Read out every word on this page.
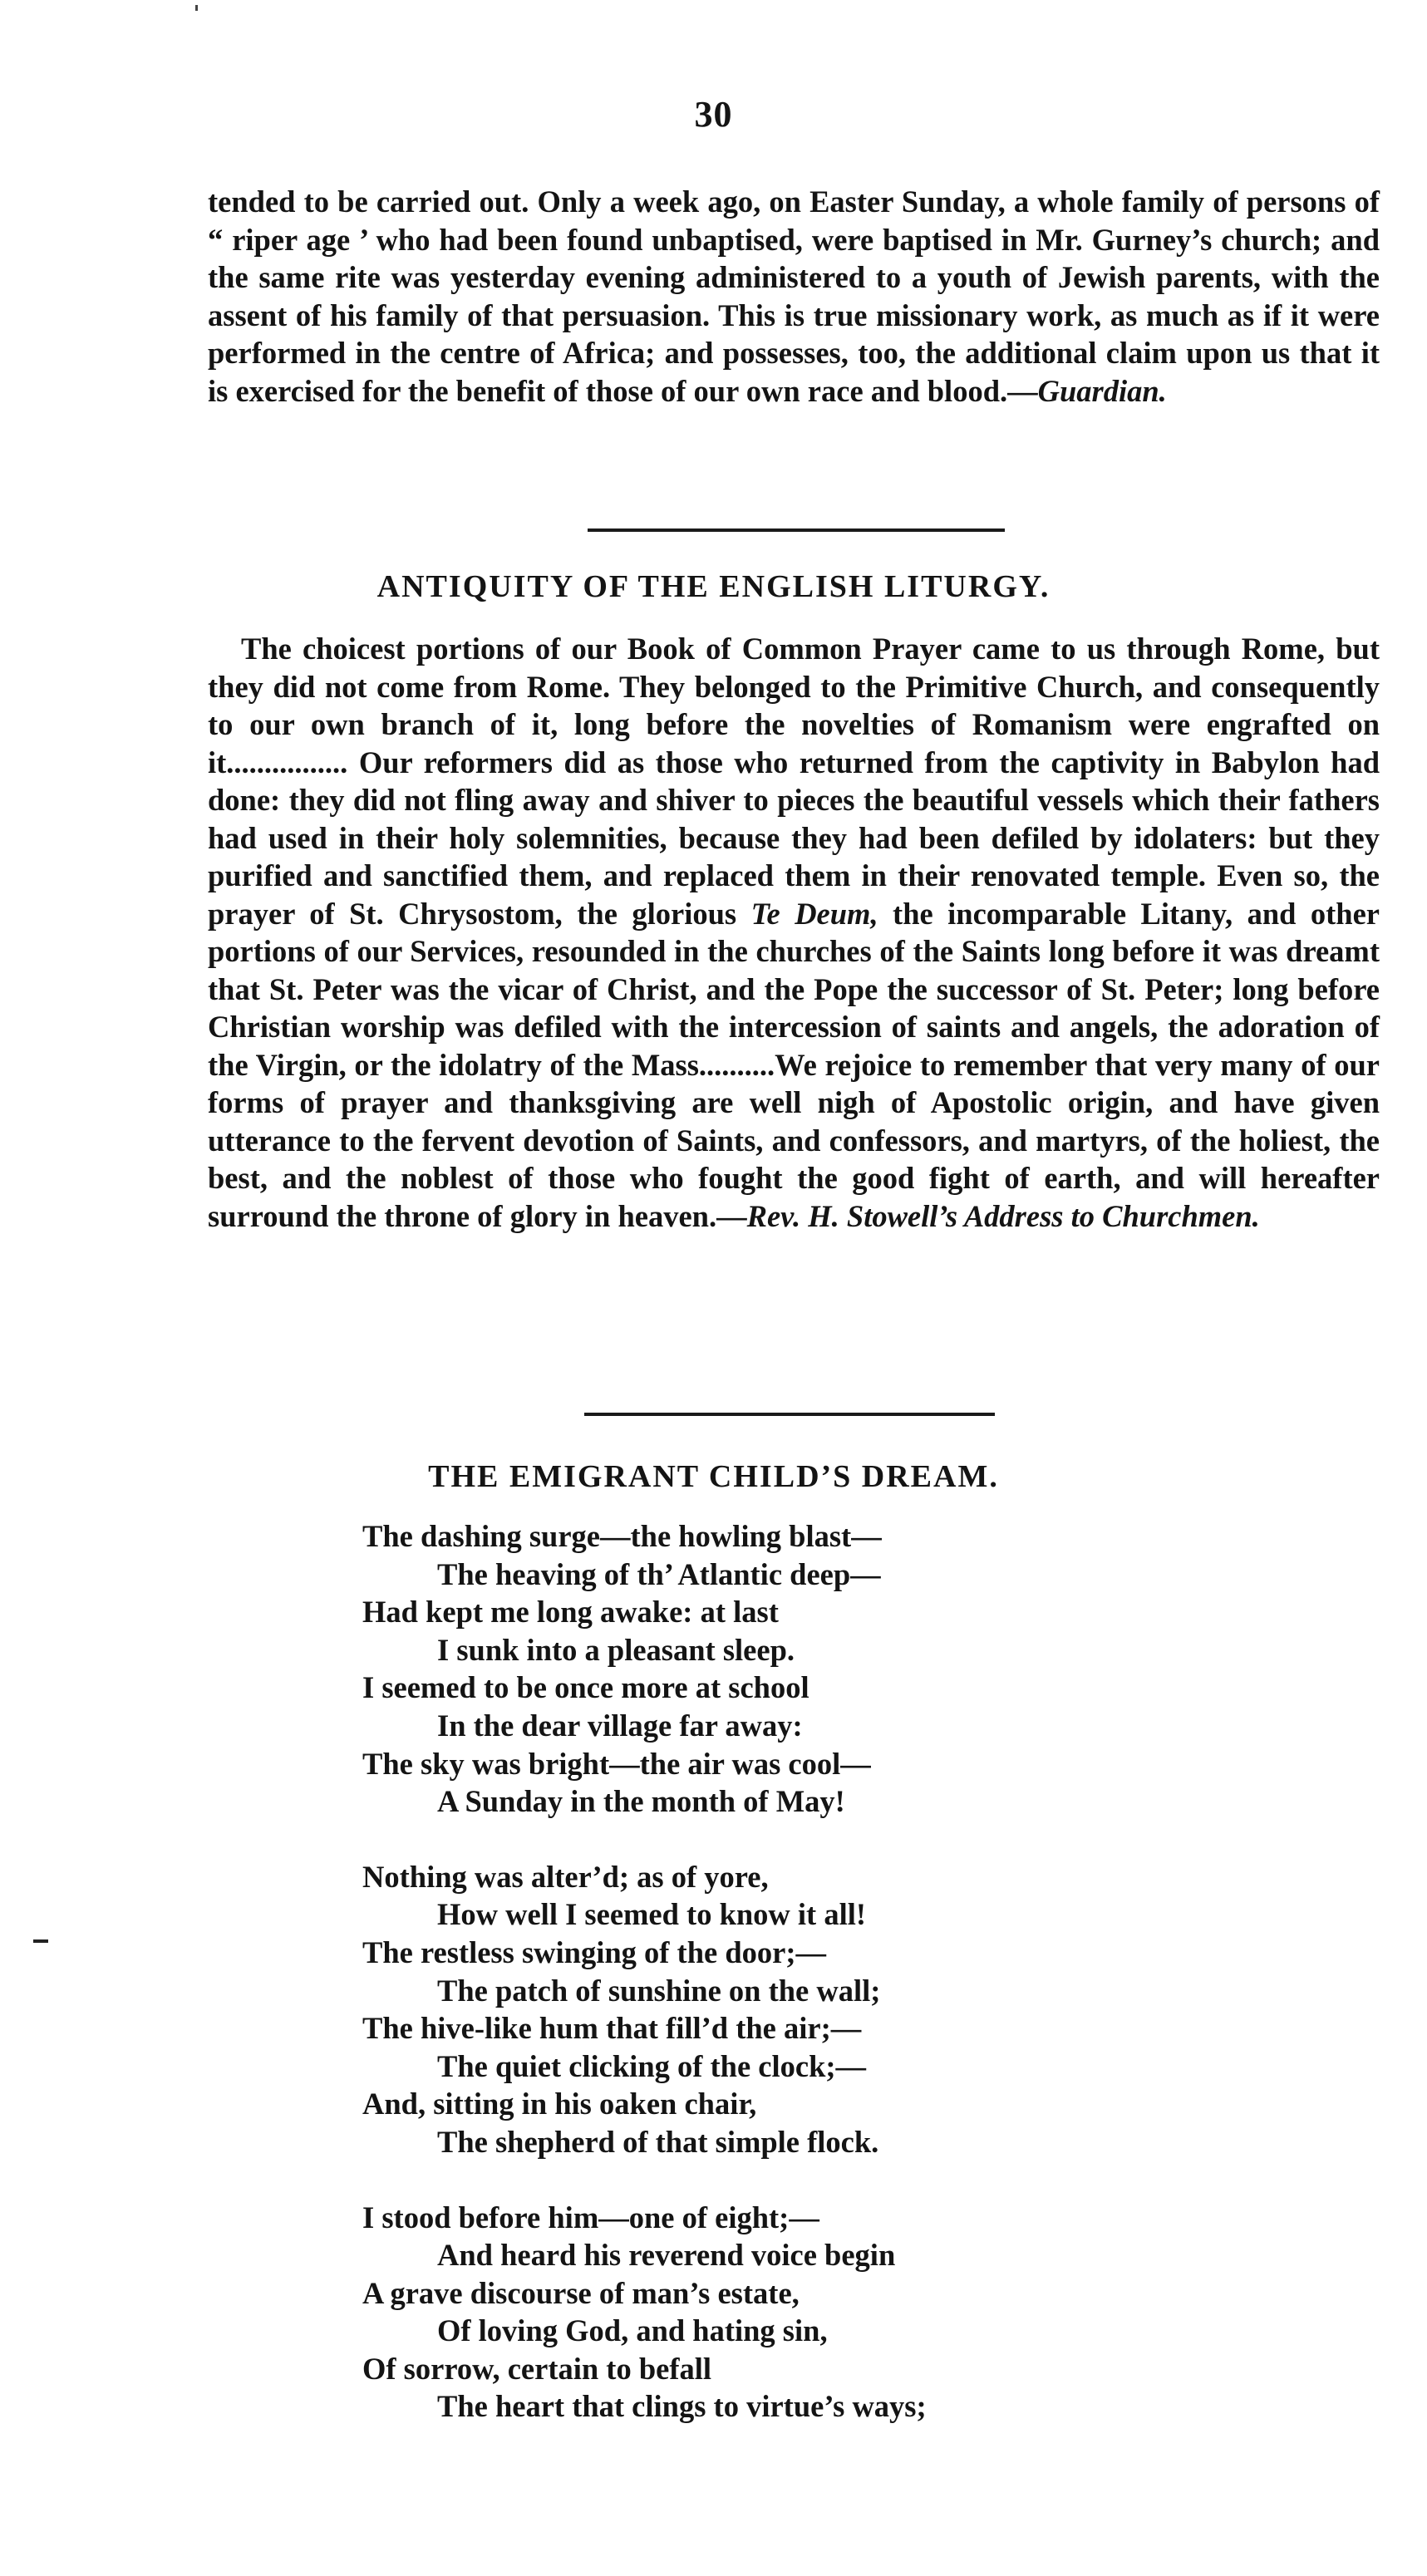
30

tended to be carried out. Only a week ago, on Easter Sunday, a whole family of persons of “ riper age ’ who had been found unbaptised, were baptised in Mr. Gurney’s church; and the same rite was yesterday evening administered to a youth of Jewish parents, with the assent of his family of that persuasion. This is true missionary work, as much as if it were performed in the centre of Africa; and possesses, too, the additional claim upon us that it is exercised for the benefit of those of our own race and blood.—Guardian.

ANTIQUITY OF THE ENGLISH LITURGY.

The choicest portions of our Book of Common Prayer came to us through Rome, but they did not come from Rome. They belonged to the Primitive Church, and consequently to our own branch of it, long before the novelties of Romanism were engrafted on it................ Our reformers did as those who returned from the captivity in Babylon had done: they did not fling away and shiver to pieces the beautiful vessels which their fathers had used in their holy solemnities, because they had been defiled by idolaters: but they purified and sanctified them, and replaced them in their renovated temple. Even so, the prayer of St. Chrysostom, the glorious Te Deum, the incomparable Litany, and other portions of our Services, resounded in the churches of the Saints long before it was dreamt that St. Peter was the vicar of Christ, and the Pope the successor of St. Peter; long before Christian worship was defiled with the intercession of saints and angels, the adoration of the Virgin, or the idolatry of the Mass..........We rejoice to remember that very many of our forms of prayer and thanksgiving are well nigh of Apostolic origin, and have given utterance to the fervent devotion of Saints, and confessors, and martyrs, of the holiest, the best, and the noblest of those who fought the good fight of earth, and will hereafter surround the throne of glory in heaven.—Rev. H. Stowell’s Address to Churchmen.

THE EMIGRANT CHILD’S DREAM.
The dashing surge—the howling blast—
The heaving of th’ Atlantic deep—
Had kept me long awake: at last
I sunk into a pleasant sleep.
I seemed to be once more at school
In the dear village far away:
The sky was bright—the air was cool—
A Sunday in the month of May!
Nothing was alter’d; as of yore,
How well I seemed to know it all!
The restless swinging of the door;—
The patch of sunshine on the wall;
The hive-like hum that fill’d the air;—
The quiet clicking of the clock;—
And, sitting in his oaken chair,
The shepherd of that simple flock.
I stood before him—one of eight;—
And heard his reverend voice begin
A grave discourse of man’s estate,
Of loving God, and hating sin,
Of sorrow, certain to befall
The heart that clings to virtue’s ways;
